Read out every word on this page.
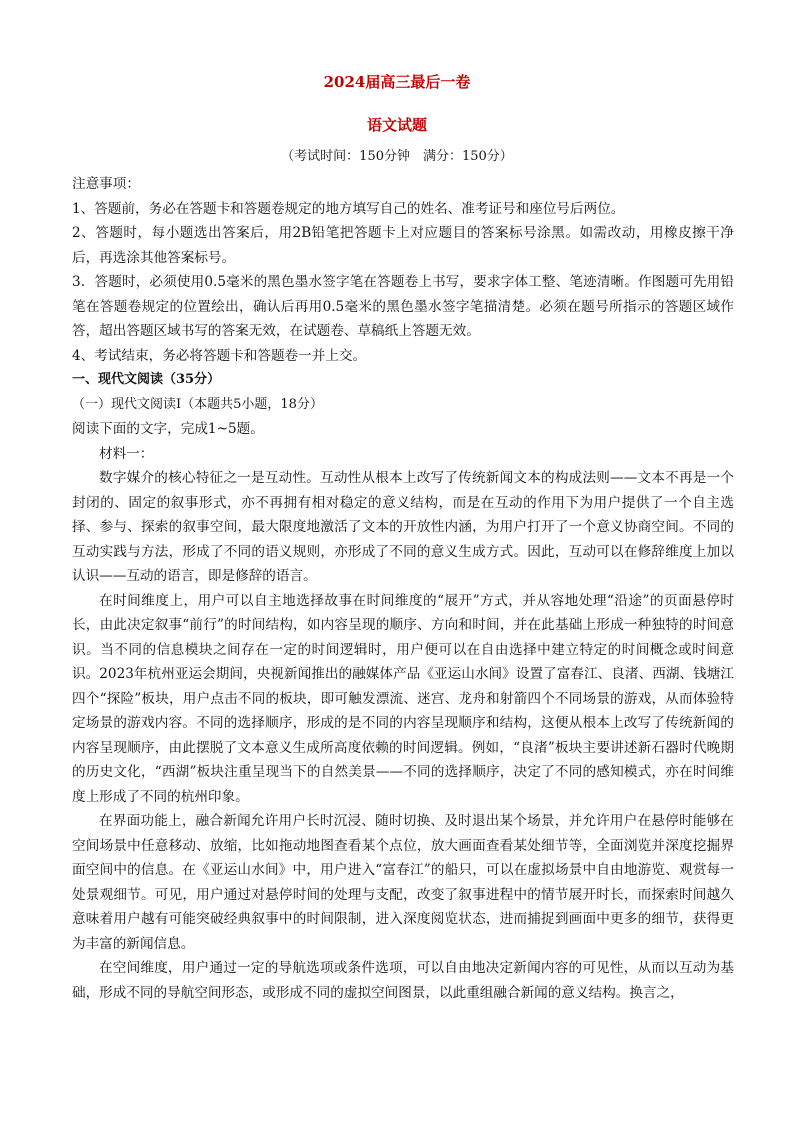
2024届高三最后一卷
语文试题
（考试时间：150分钟　满分：150分）

注意事项：

1、答题前，务必在答题卡和答题卷规定的地方填写自己的姓名、准考证号和座位号后两位。

2、答题时，每小题选出答案后，用2B铅笔把答题卡上对应题目的答案标号涂黑。如需改动，用橡皮擦干净后，再选涂其他答案标号。

3．答题时，必须使用0.5毫米的黑色墨水签字笔在答题卷上书写，要求字体工整、笔迹清晰。作图题可先用铅笔在答题卷规定的位置绘出，确认后再用0.5毫米的黑色墨水签字笔描清楚。必须在题号所指示的答题区域作答，超出答题区域书写的答案无效，在试题卷、草稿纸上答题无效。

4、考试结束，务必将答题卡和答题卷一并上交。

一、现代文阅读（35分）

（一）现代文阅读Ⅰ（本题共5小题，18分）

阅读下面的文字，完成1~5题。

材料一：

数字媒介的核心特征之一是互动性。互动性从根本上改写了传统新闻文本的构成法则——文本不再是一个封闭的、固定的叙事形式，亦不再拥有相对稳定的意义结构，而是在互动的作用下为用户提供了一个自主选择、参与、探索的叙事空间，最大限度地激活了文本的开放性内涵，为用户打开了一个意义协商空间。不同的互动实践与方法，形成了不同的语义规则，亦形成了不同的意义生成方式。因此，互动可以在修辞维度上加以认识——互动的语言，即是修辞的语言。

在时间维度上，用户可以自主地选择故事在时间维度的“展开”方式，并从容地处理“沿途”的页面悬停时长，由此决定叙事“前行”的时间结构，如内容呈现的顺序、方向和时间，并在此基础上形成一种独特的时间意识。当不同的信息模块之间存在一定的时间逻辑时，用户便可以在自由选择中建立特定的时间概念或时间意识。2023年杭州亚运会期间，央视新闻推出的融媒体产品《亚运山水间》设置了富春江、良渚、西湖、钱塘江四个“探险”板块，用户点击不同的板块，即可触发漂流、迷宫、龙舟和射箭四个不同场景的游戏，从而体验特定场景的游戏内容。不同的选择顺序，形成的是不同的内容呈现顺序和结构，这便从根本上改写了传统新闻的内容呈现顺序，由此摆脱了文本意义生成所高度依赖的时间逻辑。例如，“良渚”板块主要讲述新石器时代晚期的历史文化，“西湖”板块注重呈现当下的自然美景——不同的选择顺序，决定了不同的感知模式，亦在时间维度上形成了不同的杭州印象。

在界面功能上，融合新闻允许用户长时沉浸、随时切换、及时退出某个场景，并允许用户在悬停时能够在空间场景中任意移动、放缩，比如拖动地图查看某个点位，放大画面查看某处细节等，全面浏览并深度挖掘界面空间中的信息。在《亚运山水间》中，用户进入“富春江”的船只，可以在虚拟场景中自由地游览、观赏每一处景观细节。可见，用户通过对悬停时间的处理与支配，改变了叙事进程中的情节展开时长，而探索时间越久意味着用户越有可能突破经典叙事中的时间限制，进入深度阅览状态，进而捕捉到画面中更多的细节，获得更为丰富的新闻信息。

在空间维度，用户通过一定的导航选项或条件选项，可以自由地决定新闻内容的可见性，从而以互动为基础，形成不同的导航空间形态，或形成不同的虚拟空间图景，以此重组融合新闻的意义结构。换言之，
